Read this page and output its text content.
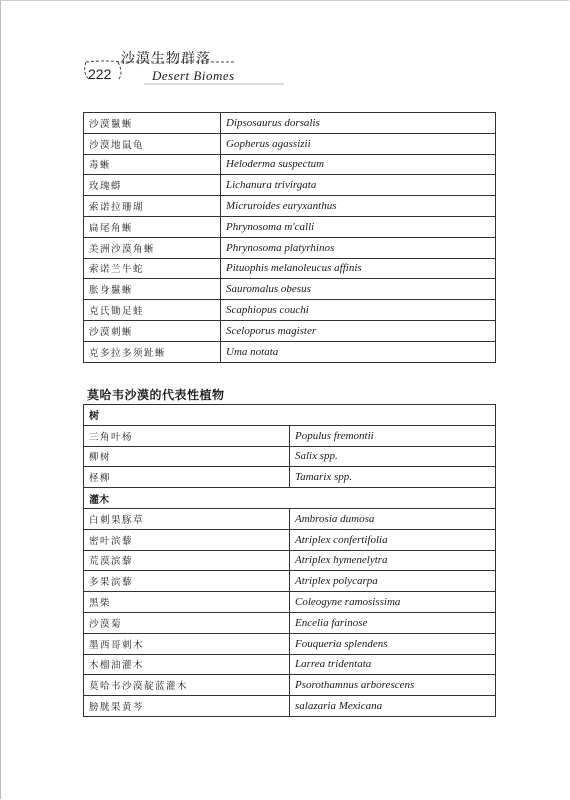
沙漠生物群落
222	Desert Biomes
沙漠鬣蜥	Dipsosaurus dorsalis
沙漠地鼠龟	Gopherus agassizii
毒蜥	Heloderma suspectum
玫瑰蟒	Lichanura trivirgata
索诺拉珊瑚	Micruroides euryxanthus
扁尾角蜥	Phrynosoma m'calli
美洲沙漠角蜥	Phrynosoma platyrhinos
索诺兰牛蛇	Pituophis melanoleucus affinis
胀身鬣蜥	Sauromalus obesus
克氏锄足蛙	Scaphiopus couchi
沙漠刺蜥	Sceloporus magister
克多拉多须趾蜥	Uma notata
莫哈韦沙漠的代表性植物
树	
三角叶杨	Populus fremontii
柳树	Salix spp.
柽柳	Tamarix spp.
灌木	
白刺果豚草	Ambrosia dumosa
密叶滨藜	Atriplex confertifolia
荒漠滨藜	Atriplex hymenelytra
多果滨藜	Atriplex polycarpa
黑柴	Coleogyne ramosissima
沙漠菊	Encelia farinose
墨西哥刺木	Fouqueria splendens
木榴油灌木	Larrea tridentata
莫哈韦沙漠靛蓝灌木	Psorothamnus arborescens
膀胱果黄芩	salazaria Mexicana
